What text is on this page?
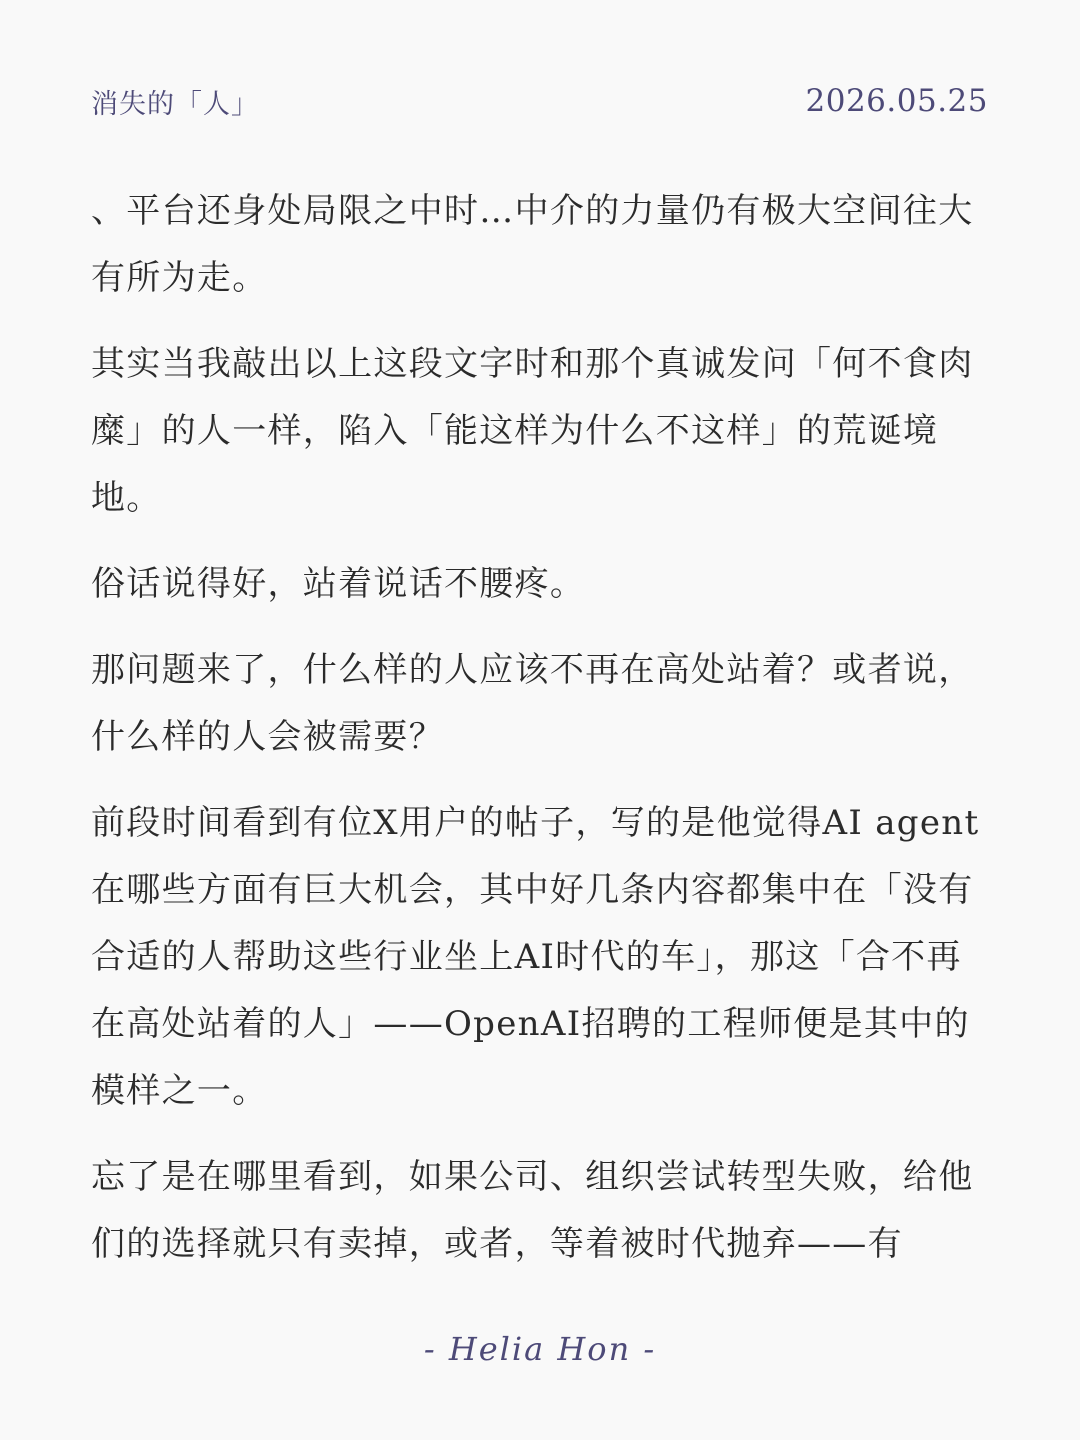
消失的「人」	2026.05.25

、平台还身处局限之中时…中介的力量仍有极大空间往大有所为走。

其实当我敲出以上这段文字时和那个真诚发问「何不食肉糜」的人一样，陷入「能这样为什么不这样」的荒诞境地。

俗话说得好，站着说话不腰疼。

那问题来了，什么样的人应该不再在高处站着？或者说，什么样的人会被需要？

前段时间看到有位X用户的帖子，写的是他觉得AI agent在哪些方面有巨大机会，其中好几条内容都集中在「没有合适的人帮助这些行业坐上AI时代的车」，那这「合不再在高处站着的人」——OpenAI招聘的工程师便是其中的模样之一。

忘了是在哪里看到，如果公司、组织尝试转型失败，给他们的选择就只有卖掉，或者，等着被时代抛弃——有

- Helia Hon -
